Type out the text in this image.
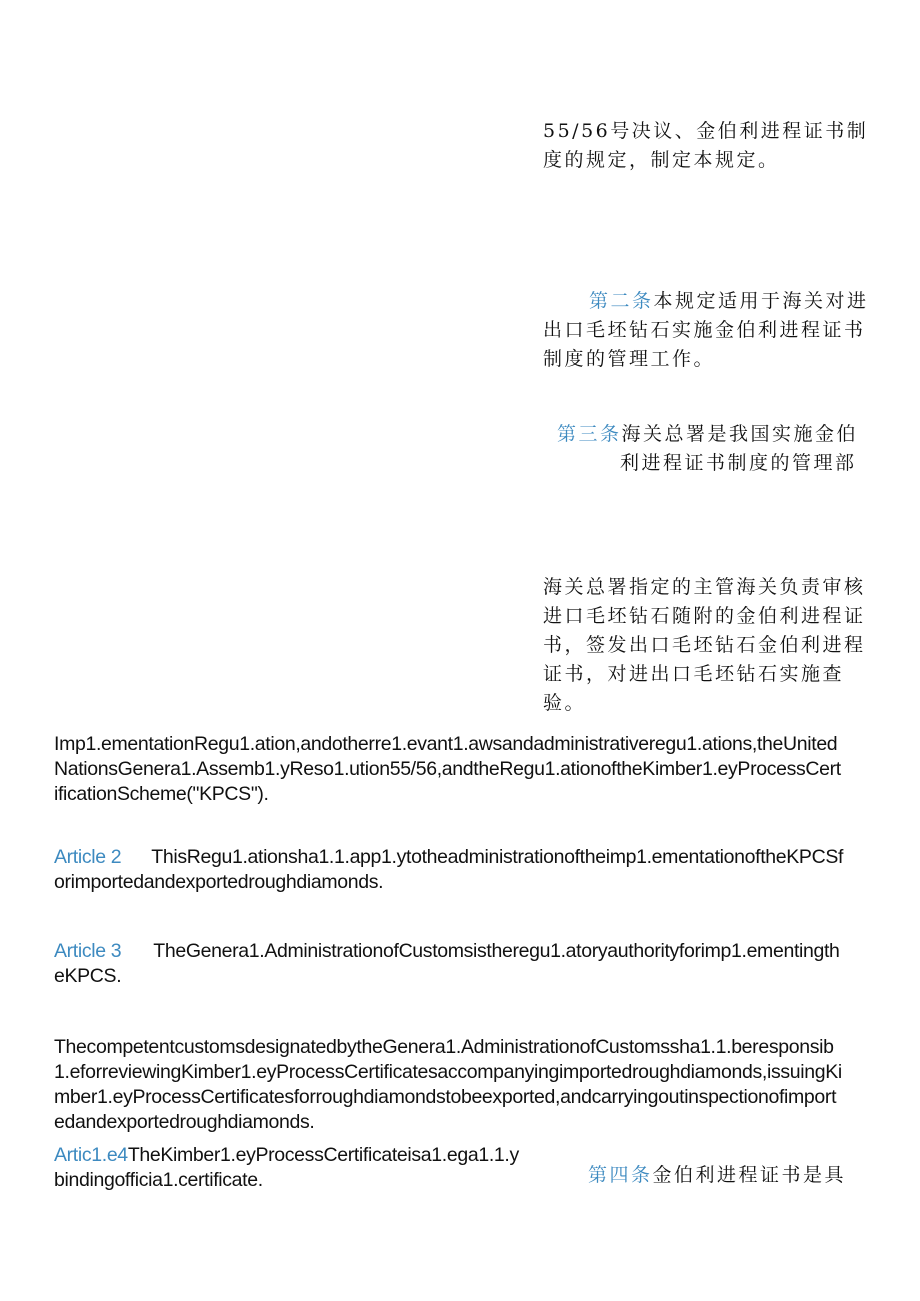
55/56号决议、金伯利进程证书制度的规定，制定本规定。

第二条本规定适用于海关对进出口毛坯钻石实施金伯利进程证书制度的管理工作。

第三条海关总署是我国实施金伯

利进程证书制度的管理部

海关总署指定的主管海关负责审核进口毛坯钻石随附的金伯利进程证书，签发出口毛坯钻石金伯利进程证书，对进出口毛坯钻石实施查验。

第四条金伯利进程证书是具

Imp1.ementationRegu1.ation,andotherre1.evant1.awsandadministrativeregu1.ations,theUnitedNationsGenera1.Assemb1.yReso1.ution55/56,andtheRegu1.ationoftheKimber1.eyProcessCertificationScheme("KPCS").

Article 2 ThisRegu1.ationsha1.1.app1.ytotheadministrationoftheimp1.ementationoftheKPCSforimportedandexportedroughdiamonds.

Article 3 TheGenera1.AdministrationofCustomsistheregu1.atoryauthorityforimp1.ementingtheKPCS.

ThecompetentcustomsdesignatedbytheGenera1.AdministrationofCustomssha1.1.beresponsib1.eforreviewingKimber1.eyProcessCertificatesaccompanyingimportedroughdiamonds,issuingKimber1.eyProcessCertificatesforroughdiamondstobeexported,andcarryingoutinspectionofimportedandexportedroughdiamonds.

Artic1.e4TheKimber1.eyProcessCertificateisa1.ega1.1.ybindingofficia1.certificate.
